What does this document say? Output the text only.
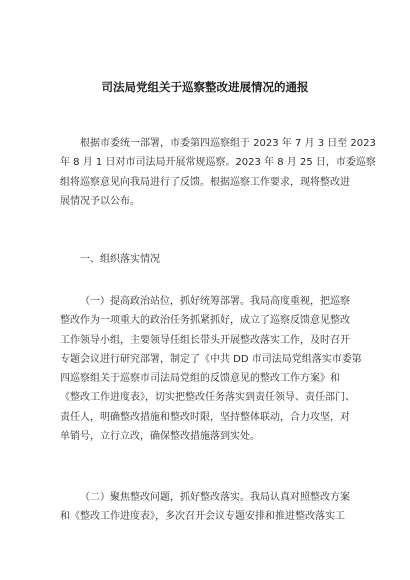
司法局党组关于巡察整改进展情况的通报
根据市委统一部署，市委第四巡察组于 2023 年 7 月 3 日至 2023
年 8 月 1 日对市司法局开展常规巡察。2023 年 8 月 25 日，市委巡察
组将巡察意见向我局进行了反馈。根据巡察工作要求，现将整改进
展情况予以公布。
一、组织落实情况
（一）提高政治站位，抓好统筹部署。我局高度重视，把巡察
整改作为一项重大的政治任务抓紧抓好，成立了巡察反馈意见整改
工作领导小组，主要领导任组长带头开展整改落实工作，及时召开
专题会议进行研究部署，制定了《中共 DD 市司法局党组落实市委第
四巡察组关于巡察市司法局党组的反馈意见的整改工作方案》和
《整改工作进度表》，切实把整改任务落实到责任领导、责任部门、
责任人，明确整改措施和整改时限，坚持整体联动，合力攻坚，对
单销号，立行立改，确保整改措施落到实处。
（二）聚焦整改问题，抓好整改落实。我局认真对照整改方案
和《整改工作进度表》，多次召开会议专题安排和推进整改落实工
